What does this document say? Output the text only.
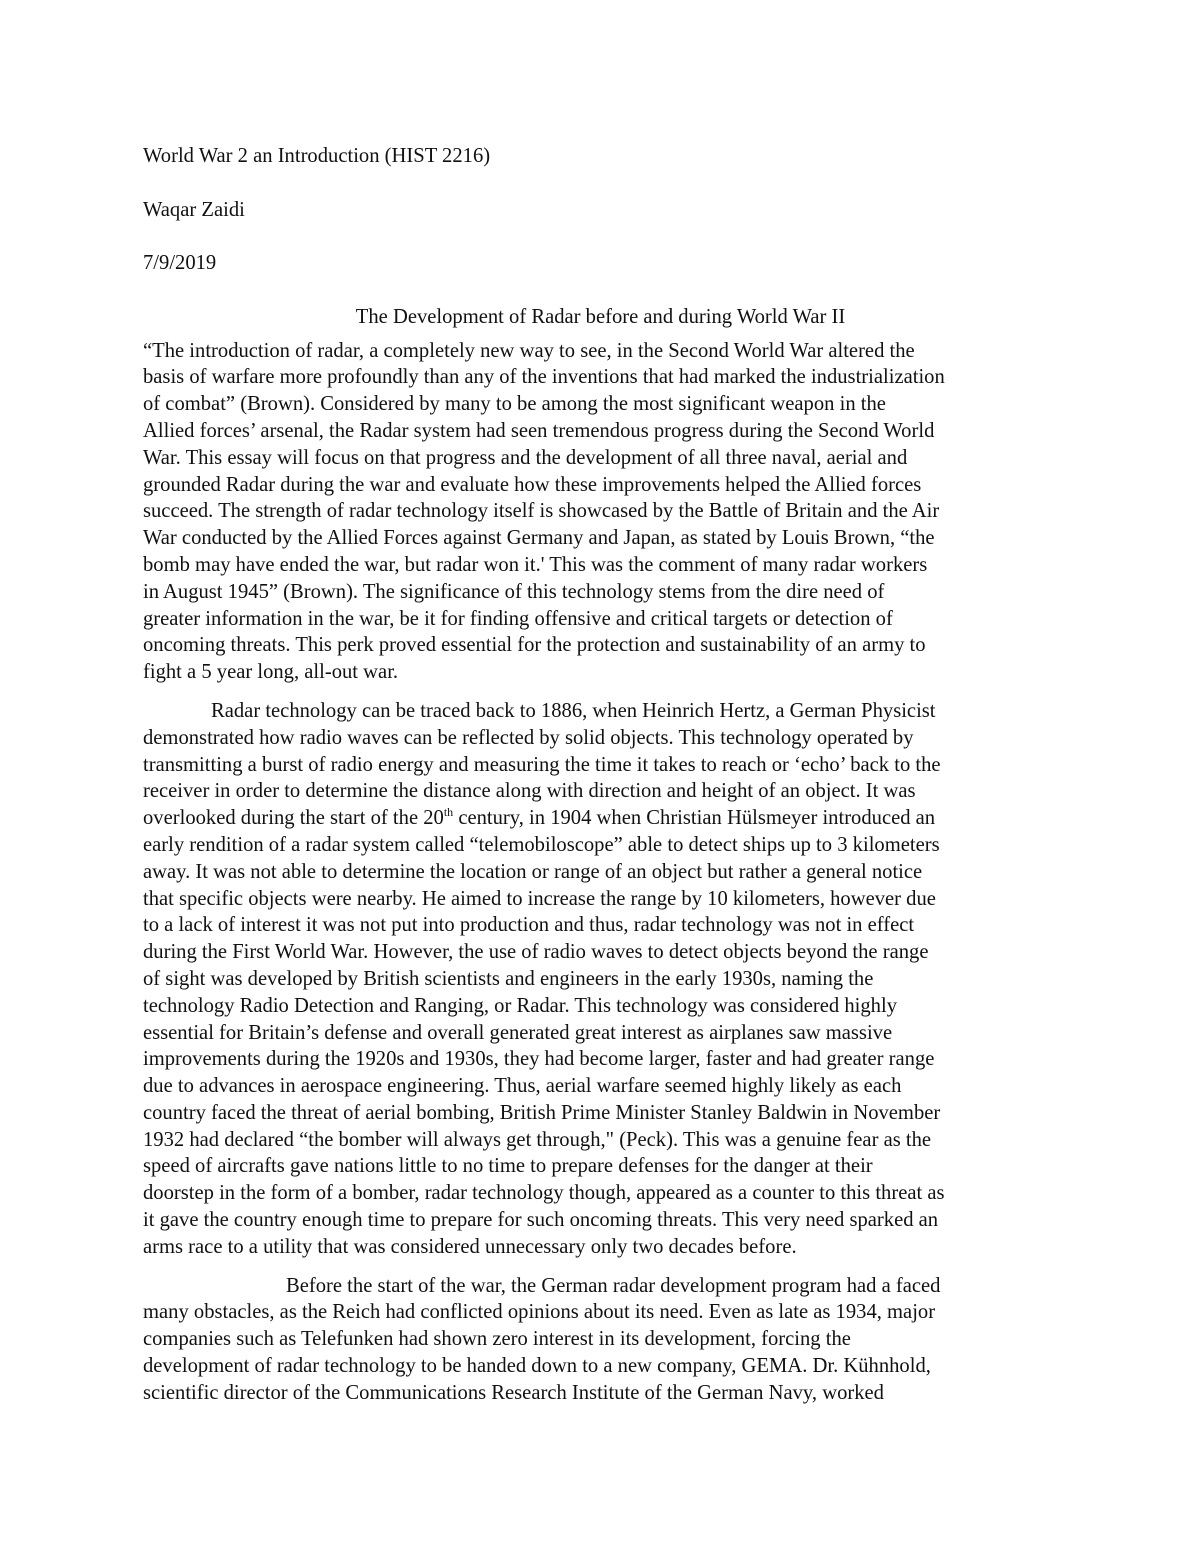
World War 2 an Introduction (HIST 2216)
Waqar Zaidi
7/9/2019
The Development of Radar before and during World War II
“The introduction of radar, a completely new way to see, in the Second World War altered the
basis of warfare more profoundly than any of the inventions that had marked the industrialization
of combat” (Brown). Considered by many to be among the most significant weapon in the
Allied forces’ arsenal, the Radar system had seen tremendous progress during the Second World
War. This essay will focus on that progress and the development of all three naval, aerial and
grounded Radar during the war and evaluate how these improvements helped the Allied forces
succeed. The strength of radar technology itself is showcased by the Battle of Britain and the Air
War conducted by the Allied Forces against Germany and Japan, as stated by Louis Brown, “the
bomb may have ended the war, but radar won it.' This was the comment of many radar workers
in August 1945” (Brown). The significance of this technology stems from the dire need of
greater information in the war, be it for finding offensive and critical targets or detection of
oncoming threats. This perk proved essential for the protection and sustainability of an army to
fight a 5 year long, all-out war.
Radar technology can be traced back to 1886, when Heinrich Hertz, a German Physicist
demonstrated how radio waves can be reflected by solid objects. This technology operated by
transmitting a burst of radio energy and measuring the time it takes to reach or ‘echo’ back to the
receiver in order to determine the distance along with direction and height of an object. It was
overlooked during the start of the 20th century, in 1904 when Christian Hülsmeyer introduced an
early rendition of a radar system called “telemobiloscope” able to detect ships up to 3 kilometers
away. It was not able to determine the location or range of an object but rather a general notice
that specific objects were nearby. He aimed to increase the range by 10 kilometers, however due
to a lack of interest it was not put into production and thus, radar technology was not in effect
during the First World War. However, the use of radio waves to detect objects beyond the range
of sight was developed by British scientists and engineers in the early 1930s, naming the
technology Radio Detection and Ranging, or Radar. This technology was considered highly
essential for Britain’s defense and overall generated great interest as airplanes saw massive
improvements during the 1920s and 1930s, they had become larger, faster and had greater range
due to advances in aerospace engineering. Thus, aerial warfare seemed highly likely as each
country faced the threat of aerial bombing, British Prime Minister Stanley Baldwin in November
1932 had declared “the bomber will always get through," (Peck). This was a genuine fear as the
speed of aircrafts gave nations little to no time to prepare defenses for the danger at their
doorstep in the form of a bomber, radar technology though, appeared as a counter to this threat as
it gave the country enough time to prepare for such oncoming threats. This very need sparked an
arms race to a utility that was considered unnecessary only two decades before.
Before the start of the war, the German radar development program had a faced
many obstacles, as the Reich had conflicted opinions about its need. Even as late as 1934, major
companies such as Telefunken had shown zero interest in its development, forcing the
development of radar technology to be handed down to a new company, GEMA. Dr. Kühnhold,
scientific director of the Communications Research Institute of the German Navy, worked
